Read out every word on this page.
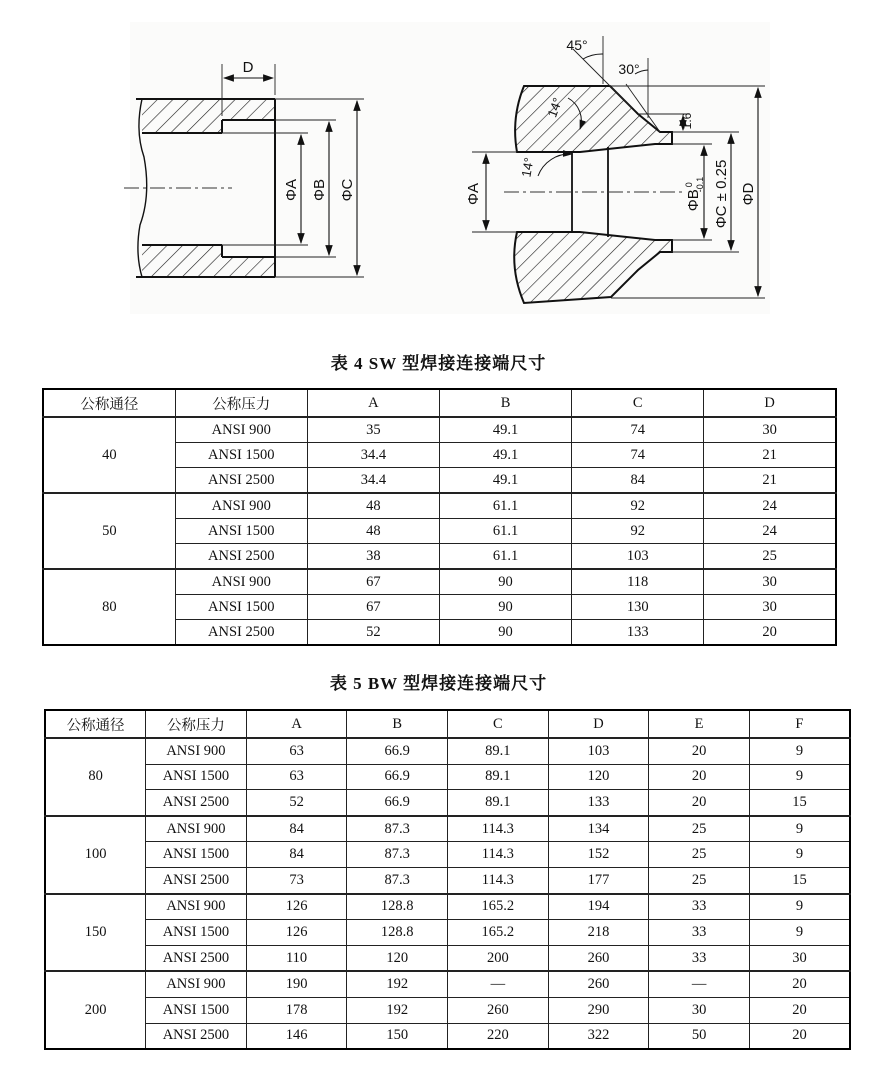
D
ΦA ΦB ΦC
45°
30°
14°
14°
1.6
ΦA	$\Phi B^0-0.1$ ΦC ± 0.25 ΦD
表 4 SW 型焊接连接端尺寸
公称通径	公称压力	A	B	C	D
40	ANSI 900	35	49.1	74	30
	ANSI 1500	34.4	49.1	74	21
	ANSI 2500	34.4	49.1	84	21
50	ANSI 900	48	61.1	92	24
	ANSI 1500	48	61.1	92	24
	ANSI 2500	38	61.1	103	25
80	ANSI 900	67	90	118	30
	ANSI 1500	67	90	130	30
	ANSI 2500	52	90	133	20
表 5 BW 型焊接连接端尺寸
公称通径	公称压力	A	B	C	D	E	F
80	ANSI 900	63	66.9	89.1	103	20	9
	ANSI 1500	63	66.9	89.1	120	20	9
	ANSI 2500	52	66.9	89.1	133	20	15
100	ANSI 900	84	87.3	114.3	134	25	9
	ANSI 1500	84	87.3	114.3	152	25	9
	ANSI 2500	73	87.3	114.3	177	25	15
150	ANSI 900	126	128.8	165.2	194	33	9
	ANSI 1500	126	128.8	165.2	218	33	9
	ANSI 2500	110	120	200	260	33	30
200	ANSI 900	190	192	—	260	—	20
	ANSI 1500	178	192	260	290	30	20
	ANSI 2500	146	150	220	322	50	20
